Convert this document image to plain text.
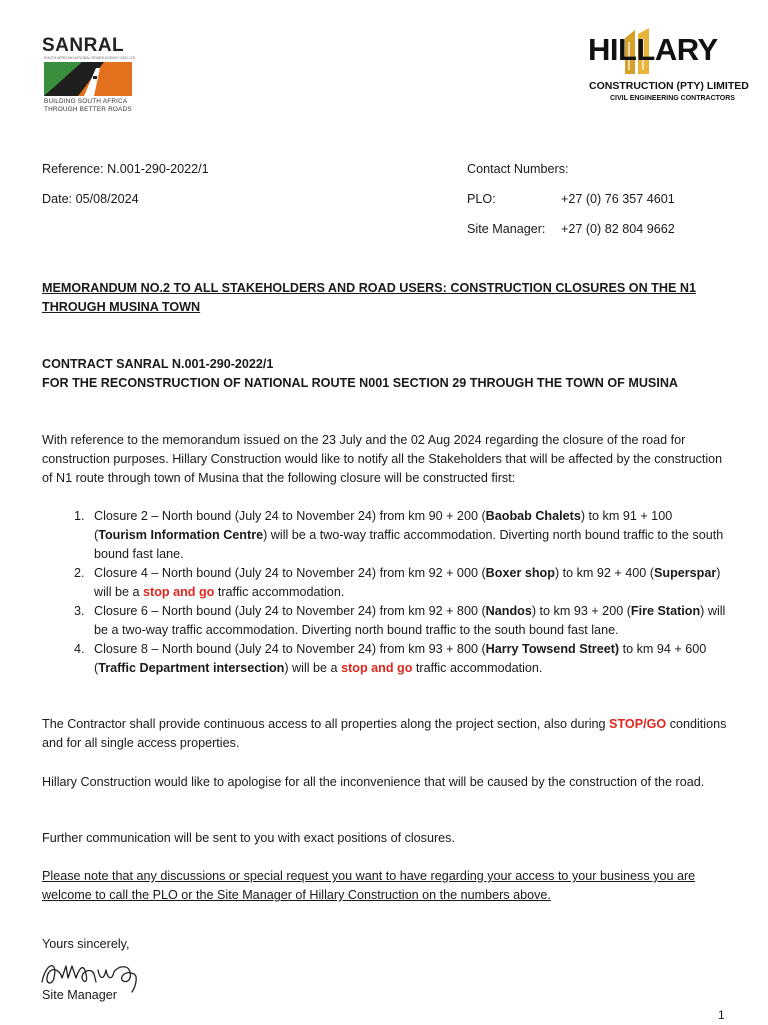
SANRAL
SOUTH AFRICAN NATIONAL ROADS AGENCY SOC LTD
BUILDING SOUTH AFRICA
THROUGH BETTER ROADS
HILLARY
CONSTRUCTION (PTY) LIMITED
CIVIL ENGINEERING CONTRACTORS
Reference: N.001-290-2022/1
Date: 05/08/2024
Contact Numbers:
PLO:	+27 (0) 76 357 4601
Site Manager: +27 (0) 82 804 9662
MEMORANDUM NO.2 TO ALL STAKEHOLDERS AND ROAD USERS: CONSTRUCTION CLOSURES ON THE N1 THROUGH MUSINA TOWN
CONTRACT SANRAL N.001-290-2022/1
FOR THE RECONSTRUCTION OF NATIONAL ROUTE N001 SECTION 29 THROUGH THE TOWN OF MUSINA
With reference to the memorandum issued on the 23 July and the 02 Aug 2024 regarding the closure of the road for construction purposes. Hillary Construction would like to notify all the Stakeholders that will be affected by the construction of N1 route through town of Musina that the following closure will be constructed first:
1. Closure 2 – North bound (July 24 to November 24) from km 90 + 200 (Baobab Chalets) to km 91 + 100 (Tourism Information Centre) will be a two-way traffic accommodation. Diverting north bound traffic to the south bound fast lane.
2. Closure 4 – North bound (July 24 to November 24) from km 92 + 000 (Boxer shop) to km 92 + 400 (Superspar) will be a stop and go traffic accommodation.
3. Closure 6 – North bound (July 24 to November 24) from km 92 + 800 (Nandos) to km 93 + 200 (Fire Station) will be a two-way traffic accommodation. Diverting north bound traffic to the south bound fast lane.
4. Closure 8 – North bound (July 24 to November 24) from km 93 + 800 (Harry Towsend Street) to km 94 + 600 (Traffic Department intersection) will be a stop and go traffic accommodation.
The Contractor shall provide continuous access to all properties along the project section, also during STOP/GO conditions and for all single access properties.
Hillary Construction would like to apologise for all the inconvenience that will be caused by the construction of the road.
Further communication will be sent to you with exact positions of closures.
Please note that any discussions or special request you want to have regarding your access to your business you are welcome to call the PLO or the Site Manager of Hillary Construction on the numbers above.
Yours sincerely,
Site Manager
1
